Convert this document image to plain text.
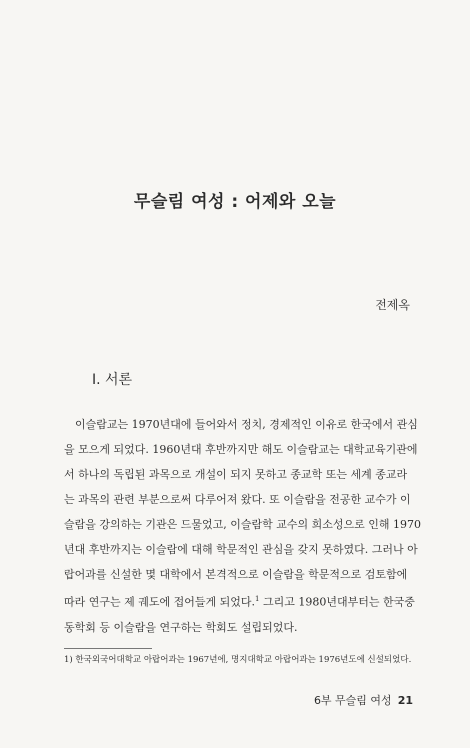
무슬림 여성 : 어제와 오늘
전제옥
I. 서론
이슬람교는 1970년대에 들어와서 정치, 경제적인 이유로 한국에서 관심
을 모으게 되었다. 1960년대 후반까지만 해도 이슬람교는 대학교육기관에
서 하나의 독립된 과목으로 개설이 되지 못하고 종교학 또는 세계 종교라
는 과목의 관련 부분으로써 다루어져 왔다. 또 이슬람을 전공한 교수가 이
슬람을 강의하는 기관은 드물었고, 이슬람학 교수의 희소성으로 인해 1970
년대 후반까지는 이슬람에 대해 학문적인 관심을 갖지 못하였다. 그러나 아
랍어과를 신설한 몇 대학에서 본격적으로 이슬람을 학문적으로 검토함에
따라 연구는 제 궤도에 접어들게 되었다.$^1$ 그리고 1980년대부터는 한국중
동학회 등 이슬람을 연구하는 학회도 설립되었다.
1) 한국외국어대학교 아랍어과는 1967년에, 명지대학교 아랍어과는 1976년도에 신설되었다.
6부 무슬림 여성 21
